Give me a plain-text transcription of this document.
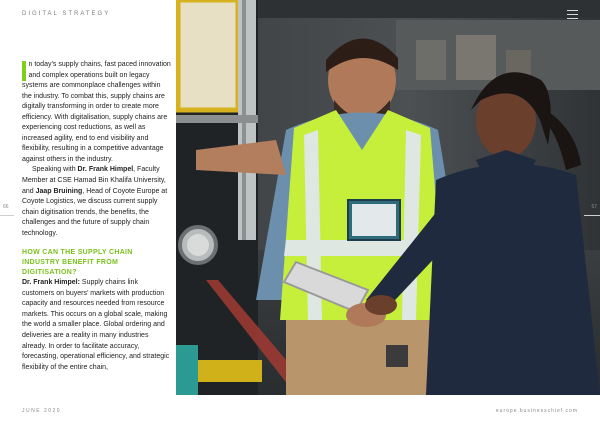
DIGITAL STRATEGY

n today’s supply chains, fast paced innovation and complex operations built on legacy systems are commonplace challenges within the industry. To combat this, supply chains are digitally transforming in order to create more efficiency. With digitalisation, supply chains are experiencing cost reductions, as well as increased agility, end to end visibility and flexibility, resulting in a competitive advantage against others in the industry.

Speaking with Dr. Frank Himpel, Faculty Member at CSE Hamad Bin Khalifa University, and Jaap Bruining, Head of Coyote Europe at Coyote Logistics, we discuss current supply chain digitisation trends, the benefits, the challenges and the future of supply chain technology.

HOW CAN THE SUPPLY CHAIN INDUSTRY BENEFIT FROM DIGITISATION?

Dr. Frank Himpel: Supply chains link customers on buyers’ markets with production capacity and resources needed from resource markets. This occurs on a global scale, making the world a smaller place. Global ordering and deliveries are a reality in many industries already. In order to facilitate accuracy, forecasting, operational efficiency, and strategic flexibility of the entire chain,

66	67
JUNE 2020	europe.businesschief.com
